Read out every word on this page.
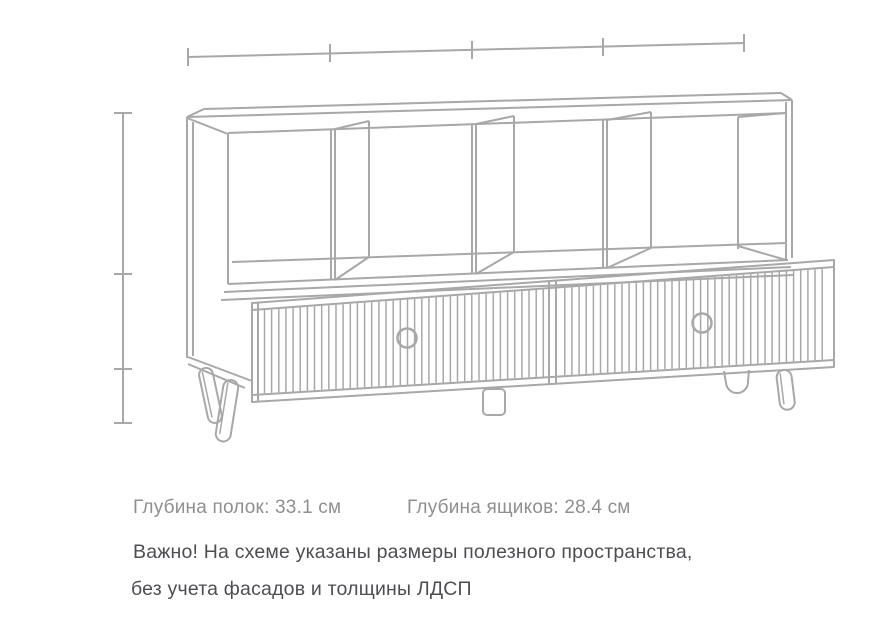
Глубина полок: 33.1 см	Глубина ящиков: 28.4 см
Важно! На схеме указаны размеры полезного пространства,
без учета фасадов и толщины ЛДСП
